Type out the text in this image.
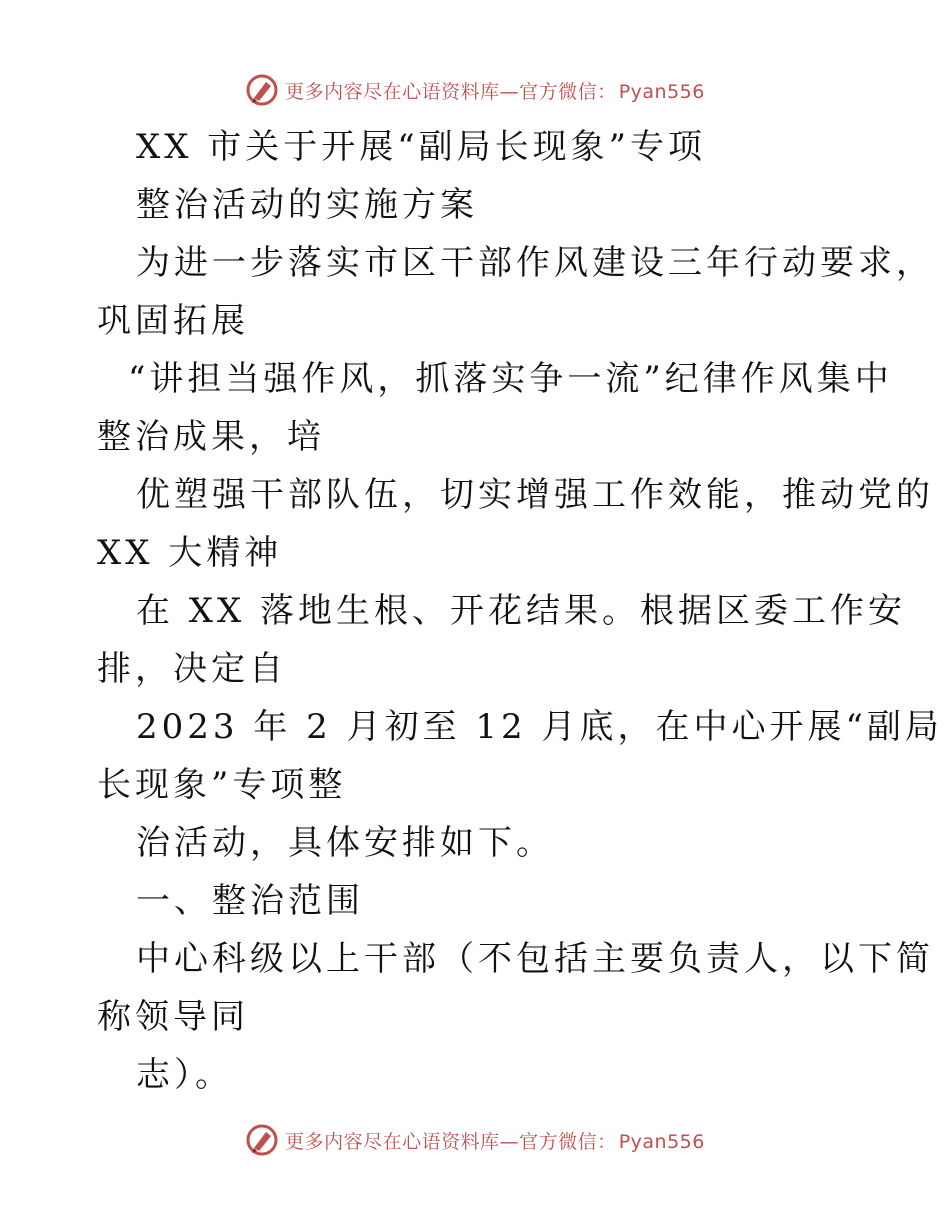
更多内容尽在心语资料库—官方微信： Pyan556
XX 市关于开展“副局长现象”专项
整治活动的实施方案
为进一步落实市区干部作风建设三年行动要求，
巩固拓展
“讲担当强作风，抓落实争一流”纪律作风集中
整治成果，培
优塑强干部队伍，切实增强工作效能，推动党的
XX 大精神
在 XX 落地生根、开花结果。根据区委工作安
排，决定自
2023 年 2 月初至 12 月底，在中心开展“副局
长现象”专项整
治活动，具体安排如下。
一、整治范围
中心科级以上干部（不包括主要负责人，以下简
称领导同
志）。
更多内容尽在心语资料库—官方微信： Pyan556
